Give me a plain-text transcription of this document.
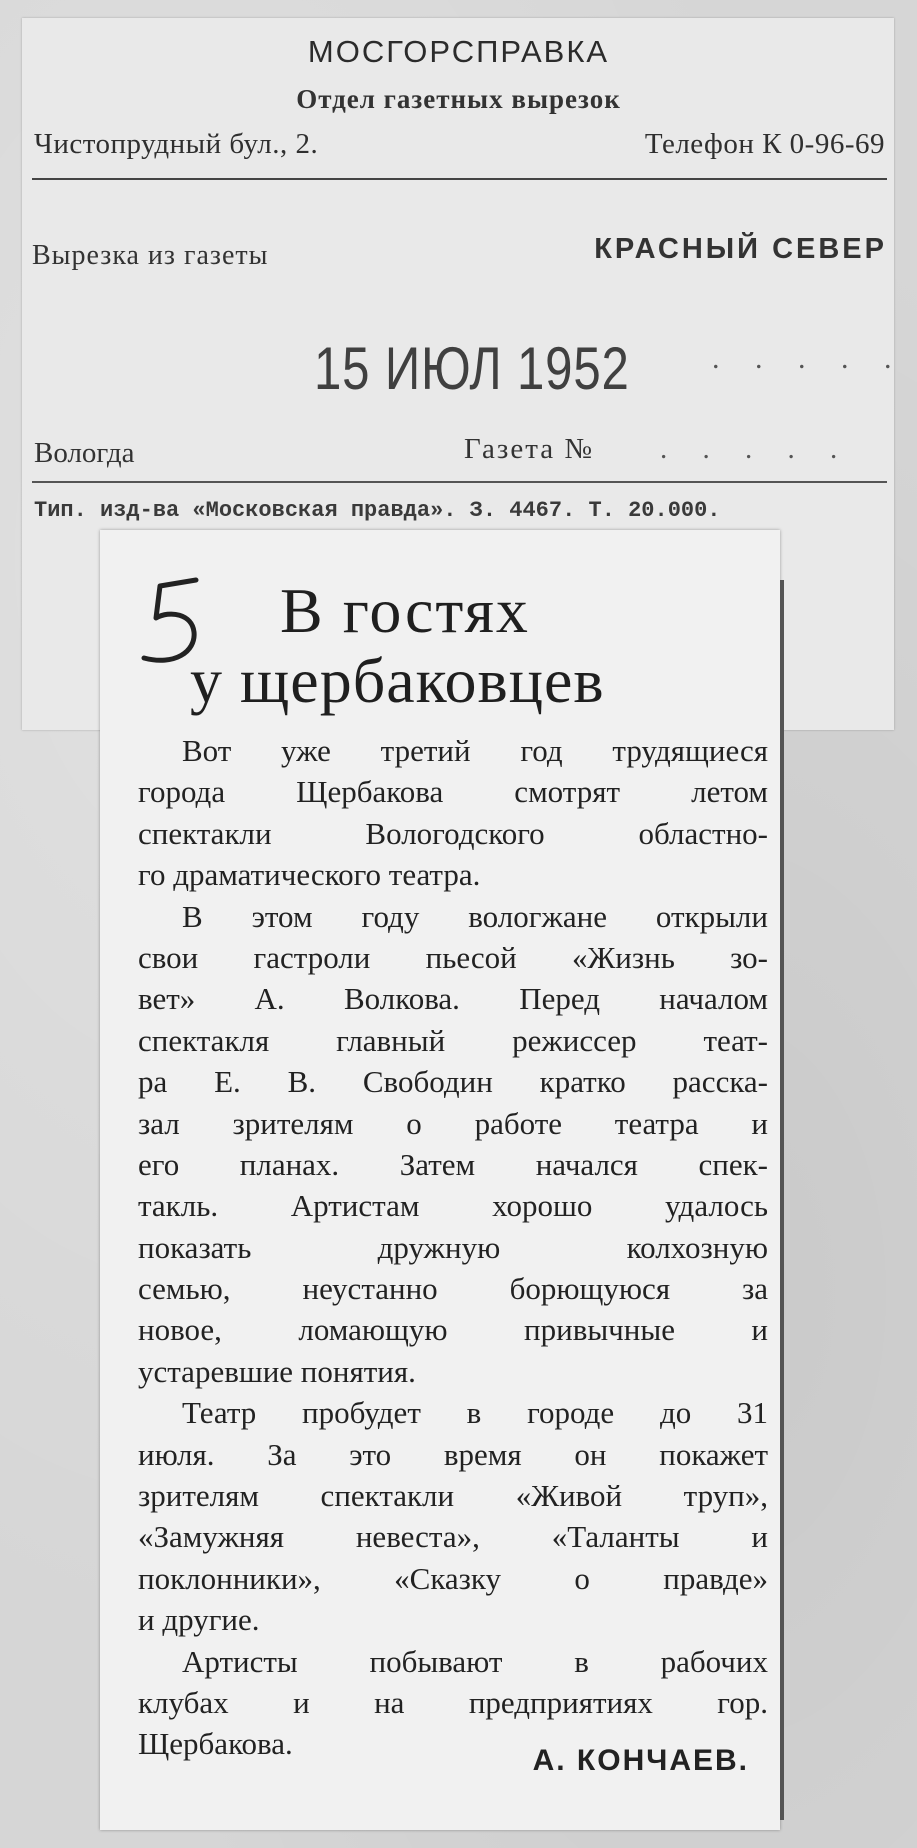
МОСГОРСПРАВКА
Отдел газетных вырезок
Чистопрудный бул., 2.	Телефон К 0-96-69
Вырезка из газеты	КРАСНЫЙ СЕВЕР
15 ИЮЛ 1952	. . . . .
Вологда	Газета № . . . . .
Тип. изд-ва «Московская правда». З. 4467. Т. 20.000.
5
В гостях
у щербаковцев
Вот уже третий год трудящиеся
города Щербакова смотрят летом
спектакли Вологодского областно-
го драматического театра.
В этом году вологжане открыли
свои гастроли пьесой «Жизнь зо-
вет» А. Волкова. Перед началом
спектакля главный режиссер теат-
ра Е. В. Свободин кратко расска-
зал зрителям о работе театра и
его планах. Затем начался спек-
такль. Артистам хорошо удалось
показать дружную колхозную
семью, неустанно борющуюся за
новое, ломающую привычные и
устаревшие понятия.
Театр пробудет в городе до 31
июля. За это время он покажет
зрителям спектакли «Живой труп»,
«Замужняя невеста», «Таланты и
поклонники», «Сказку о правде»
и другие.
Артисты побывают в рабочих
клубах и на предприятиях гор.
Щербакова.	А. КОНЧАЕВ.
